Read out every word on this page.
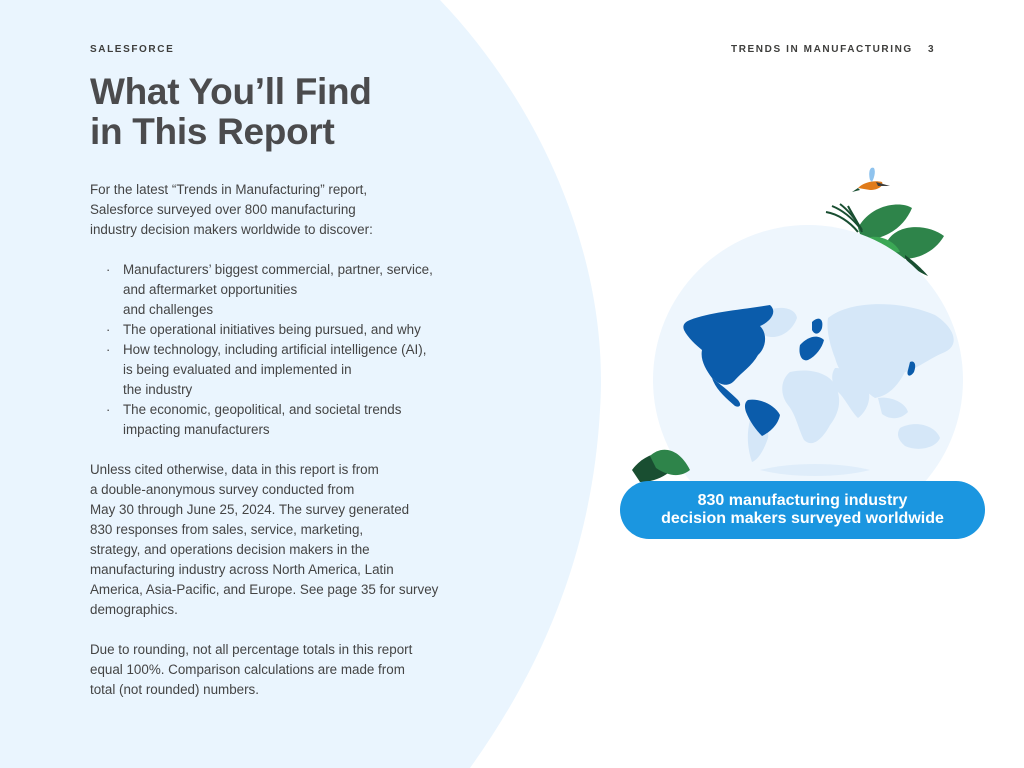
SALESFORCE	TRENDS IN MANUFACTURING 3
What You’ll Find
in This Report

For the latest “Trends in Manufacturing” report,
Salesforce surveyed over 800 manufacturing
industry decision makers worldwide to discover:

· Manufacturers’ biggest commercial, partner, service,
and aftermarket opportunities
and challenges
· The operational initiatives being pursued, and why
· How technology, including artificial intelligence (AI),
is being evaluated and implemented in
the industry
· The economic, geopolitical, and societal trends
impacting manufacturers

Unless cited otherwise, data in this report is from
a double-anonymous survey conducted from
May 30 through June 25, 2024. The survey generated
830 responses from sales, service, marketing,
strategy, and operations decision makers in the
manufacturing industry across North America, Latin
America, Asia-Pacific, and Europe. See page 35 for survey
demographics.

Due to rounding, not all percentage totals in this report
equal 100%. Comparison calculations are made from
total (not rounded) numbers.

830 manufacturing industry
decision makers surveyed worldwide
